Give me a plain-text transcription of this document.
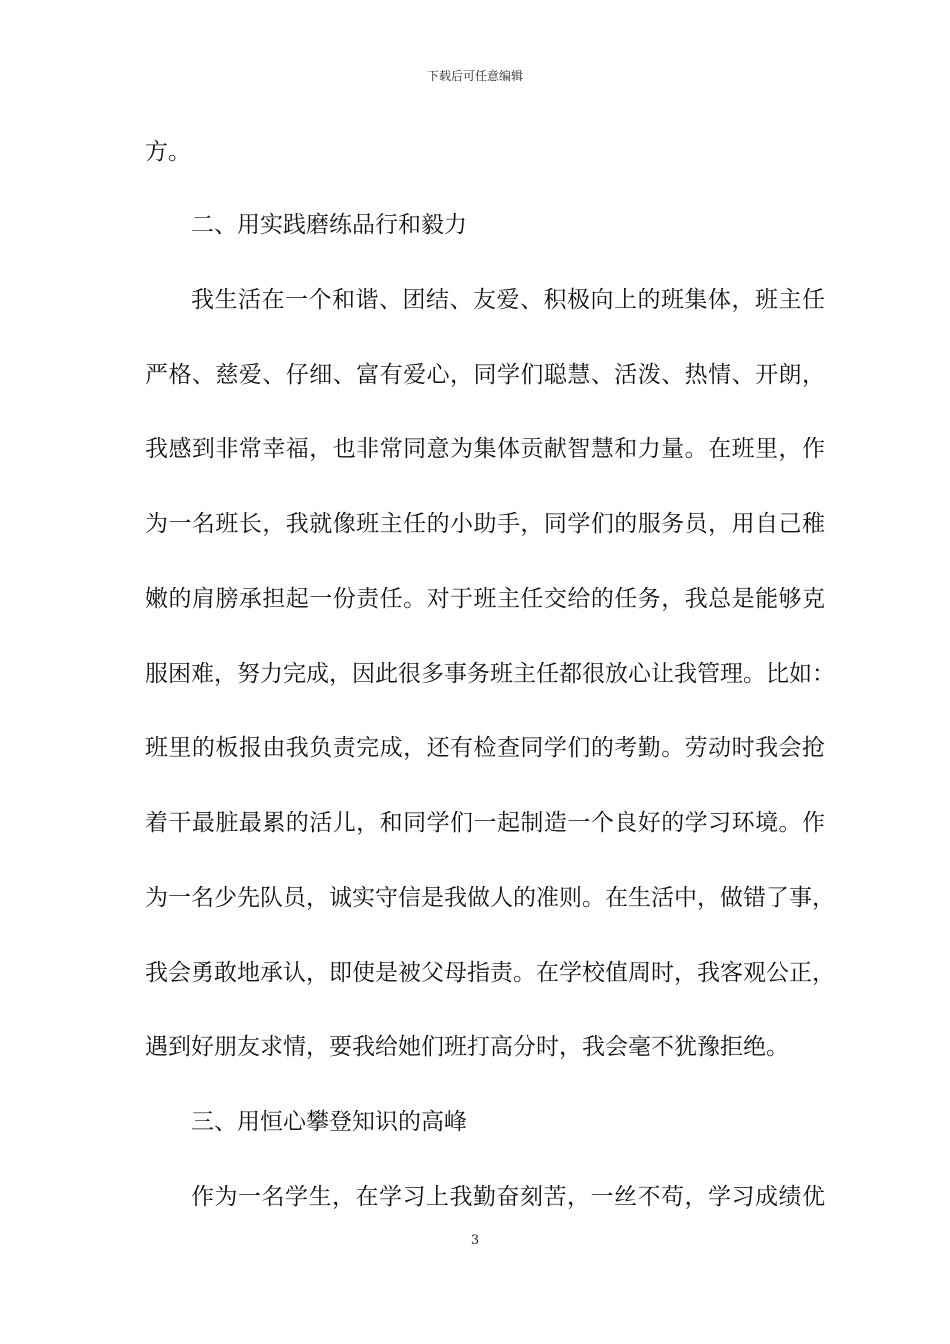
下载后可任意编辑
方。
二、用实践磨练品行和毅力
我生活在一个和谐、团结、友爱、积极向上的班集体，班主任
严格、慈爱、仔细、富有爱心，同学们聪慧、活泼、热情、开朗，
我感到非常幸福，也非常同意为集体贡献智慧和力量。在班里，作
为一名班长，我就像班主任的小助手，同学们的服务员，用自己稚
嫩的肩膀承担起一份责任。对于班主任交给的任务，我总是能够克
服困难，努力完成，因此很多事务班主任都很放心让我管理。比如：
班里的板报由我负责完成，还有检查同学们的考勤。劳动时我会抢
着干最脏最累的活儿，和同学们一起制造一个良好的学习环境。作
为一名少先队员，诚实守信是我做人的准则。在生活中，做错了事，
我会勇敢地承认，即使是被父母指责。在学校值周时，我客观公正，
遇到好朋友求情，要我给她们班打高分时，我会毫不犹豫拒绝。
三、用恒心攀登知识的高峰
作为一名学生，在学习上我勤奋刻苦，一丝不苟，学习成绩优
3
